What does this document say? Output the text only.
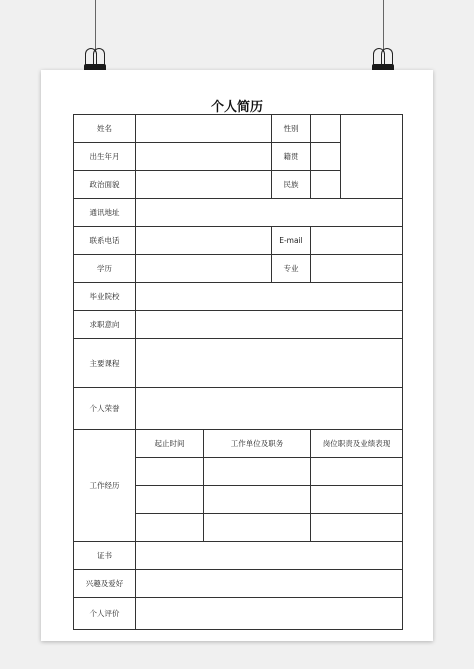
个人简历
姓名			性别		
出生年月			籍贯		
政治面貌			民族		
通讯地址					
联系电话			E-mail		
学历			专业		
毕业院校					
求职意向					
主要课程					
个人荣誉					
工作经历	起止时间	工作单位及职务		岗位职责及业绩表现	

证书					
兴趣及爱好					
个人评价					
